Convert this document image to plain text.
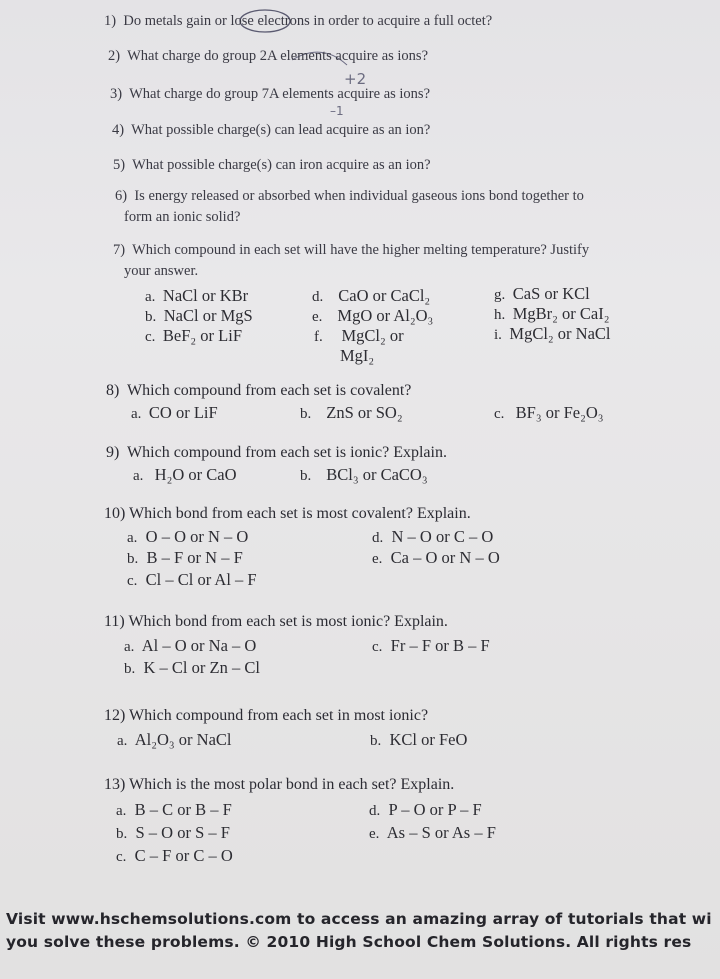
+2
–1
1) Do metals gain or lose electrons in order to acquire a full octet?
2) What charge do group 2A elements acquire as ions?
3) What charge do group 7A elements acquire as ions?
4) What possible charge(s) can lead acquire as an ion?
5) What possible charge(s) can iron acquire as an ion?
6) Is energy released or absorbed when individual gaseous ions bond together to
form an ionic solid?
7) Which compound in each set will have the higher melting temperature? Justify
your answer.
a. NaCl or KBr
b. NaCl or MgS
c. BeF₂ or LiF
d. CaO or CaCl₂
e. MgO or Al₂O₃
f. MgCl₂ or
MgI₂
g. CaS or KCl
h. MgBr₂ or CaI₂
i. MgCl₂ or NaCl
8) Which compound from each set is covalent?
a. CO or LiF	b. ZnS or SO₂	c. BF₃ or Fe₂O₃
9) Which compound from each set is ionic? Explain.
a. H₂O or CaO	b. BCl₃ or CaCO₃
10) Which bond from each set is most covalent? Explain.
a. O – O or N – O
b. B – F or N – F
c. Cl – Cl or Al – F
d. N – O or C – O
e. Ca – O or N – O
11) Which bond from each set is most ionic? Explain.
a. Al – O or Na – O
b. K – Cl or Zn – Cl
c. Fr – F or B – F
12) Which compound from each set in most ionic?
a. Al₂O₃ or NaCl	b. KCl or FeO
13) Which is the most polar bond in each set? Explain.
a. B – C or B – F
b. S – O or S – F
c. C – F or C – O
d. P – O or P – F
e. As – S or As – F
Visit www.hschemsolutions.com to access an amazing array of tutorials that wi
you solve these problems. © 2010 High School Chem Solutions. All rights res
